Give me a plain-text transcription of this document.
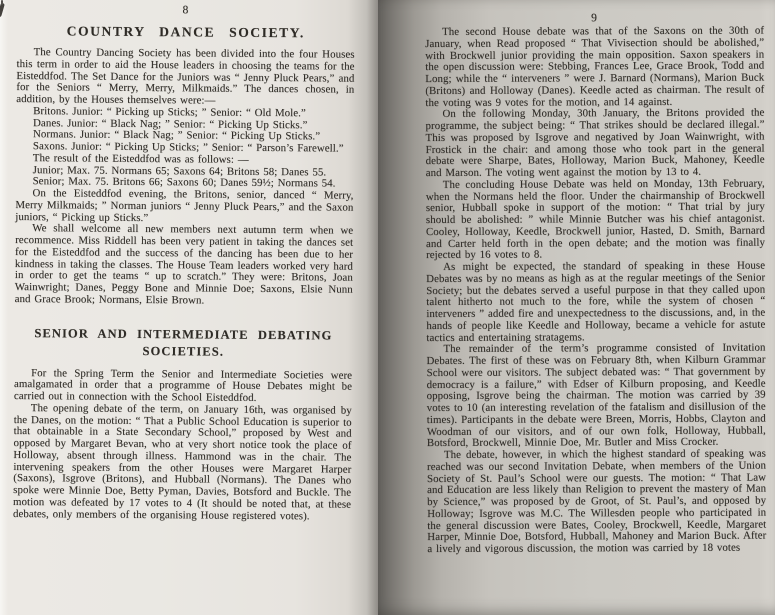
8
COUNTRY DANCE SOCIETY.

The Country Dancing Society has been divided into the four Houses this term in order to aid the House leaders in choosing the teams for the Eisteddfod. The Set Dance for the Juniors was “ Jenny Pluck Pears,” and for the Seniors “ Merry, Merry, Milkmaids.” The dances chosen, in addition, by the Houses themselves were:—

Britons. Junior: “ Picking up Sticks; ” Senior: “ Old Mole.”

Danes. Junior: “ Black Nag; ” Senior: “ Picking Up Sticks.”

Normans. Junior: “ Black Nag; ” Senior: “ Picking Up Sticks.”

Saxons. Junior: “ Picking Up Sticks; ” Senior: “ Parson’s Farewell.”

The result of the Eisteddfod was as follows: —

Junior; Max. 75. Normans 65; Saxons 64; Britons 58; Danes 55.

Senior; Max. 75. Britons 66; Saxons 60; Danes 59½; Normans 54.

On the Eisteddfod evening, the Britons, senior, danced “ Merry, Merry Milkmaids; ” Norman juniors “ Jenny Pluck Pears,” and the Saxon juniors, “ Picking up Sticks.”

We shall welcome all new members next autumn term when we recommence. Miss Riddell has been very patient in taking the dances set for the Eisteddfod and the success of the dancing has been due to her kindness in taking the classes. The House Team leaders worked very hard in order to get the teams “ up to scratch.” They were: Britons, Joan Wainwright; Danes, Peggy Bone and Minnie Doe; Saxons, Elsie Nunn and Grace Brook; Normans, Elsie Brown.

SENIOR AND INTERMEDIATE DEBATING SOCIETIES.

For the Spring Term the Senior and Intermediate Societies were amalgamated in order that a programme of House Debates might be carried out in connection with the School Eisteddfod.

The opening debate of the term, on January 16th, was organised by the Danes, on the motion: “ That a Public School Education is superior to that obtainable in a State Secondary School,” proposed by West and opposed by Margaret Bevan, who at very short notice took the place of Holloway, absent through illness. Hammond was in the chair. The intervening speakers from the other Houses were Margaret Harper (Saxons), Isgrove (Britons), and Hubball (Normans). The Danes who spoke were Minnie Doe, Betty Pyman, Davies, Botsford and Buckle. The motion was defeated by 17 votes to 4 (It should be noted that, at these debates, only members of the organising House registered votes).

9

The second House debate was that of the Saxons on the 30th of January, when Read proposed “ That Vivisection should be abolished,” with Brockwell junior providing the main opposition. Saxon speakers in the open discussion were: Stebbing, Frances Lee, Grace Brook, Todd and Long; while the “ interveners ” were J. Barnard (Normans), Marion Buck (Britons) and Holloway (Danes). Keedle acted as chairman. The result of the voting was 9 votes for the motion, and 14 against.

On the following Monday, 30th January, the Britons provided the programme, the subject being: “ That strikes should be declared illegal.” This was proposed by Isgrove and negatived by Joan Wainwright, with Frostick in the chair: and among those who took part in the general debate were Sharpe, Bates, Holloway, Marion Buck, Mahoney, Keedle and Marson. The voting went against the motion by 13 to 4.

The concluding House Debate was held on Monday, 13th February, when the Normans held the floor. Under the chairmanship of Brockwell senior, Hubball spoke in support of the motion: “ That trial by jury should be abolished: ” while Minnie Butcher was his chief antagonist. Cooley, Holloway, Keedle, Brockwell junior, Hasted, D. Smith, Barnard and Carter held forth in the open debate; and the motion was finally rejected by 16 votes to 8.

As might be expected, the standard of speaking in these House Debates was by no means as high as at the regular meetings of the Senior Society; but the debates served a useful purpose in that they called upon talent hitherto not much to the fore, while the system of chosen “ interveners ” added fire and unexpectedness to the discussions, and, in the hands of people like Keedle and Holloway, became a vehicle for astute tactics and entertaining stratagems.

The remainder of the term’s programme consisted of Invitation Debates. The first of these was on February 8th, when Kilburn Grammar School were our visitors. The subject debated was: “ That government by democracy is a failure,” with Edser of Kilburn proposing, and Keedle opposing, Isgrove being the chairman. The motion was carried by 39 votes to 10 (an interesting revelation of the fatalism and disillusion of the times). Participants in the debate were Breen, Morris, Hobbs, Clayton and Woodman of our visitors, and of our own folk, Holloway, Hubball, Botsford, Brockwell, Minnie Doe, Mr. Butler and Miss Crocker.

The debate, however, in which the highest standard of speaking was reached was our second Invitation Debate, when members of the Union Society of St. Paul’s School were our guests. The motion: “ That Law and Education are less likely than Religion to prevent the mastery of Man by Science,” was proposed by de Groot, of St. Paul’s, and opposed by Holloway; Isgrove was M.C. The Willesden people who participated in the general discussion were Bates, Cooley, Brockwell, Keedle, Margaret Harper, Minnie Doe, Botsford, Hubball, Mahoney and Marion Buck. After a lively and vigorous discussion, the motion was carried by 18 votes
